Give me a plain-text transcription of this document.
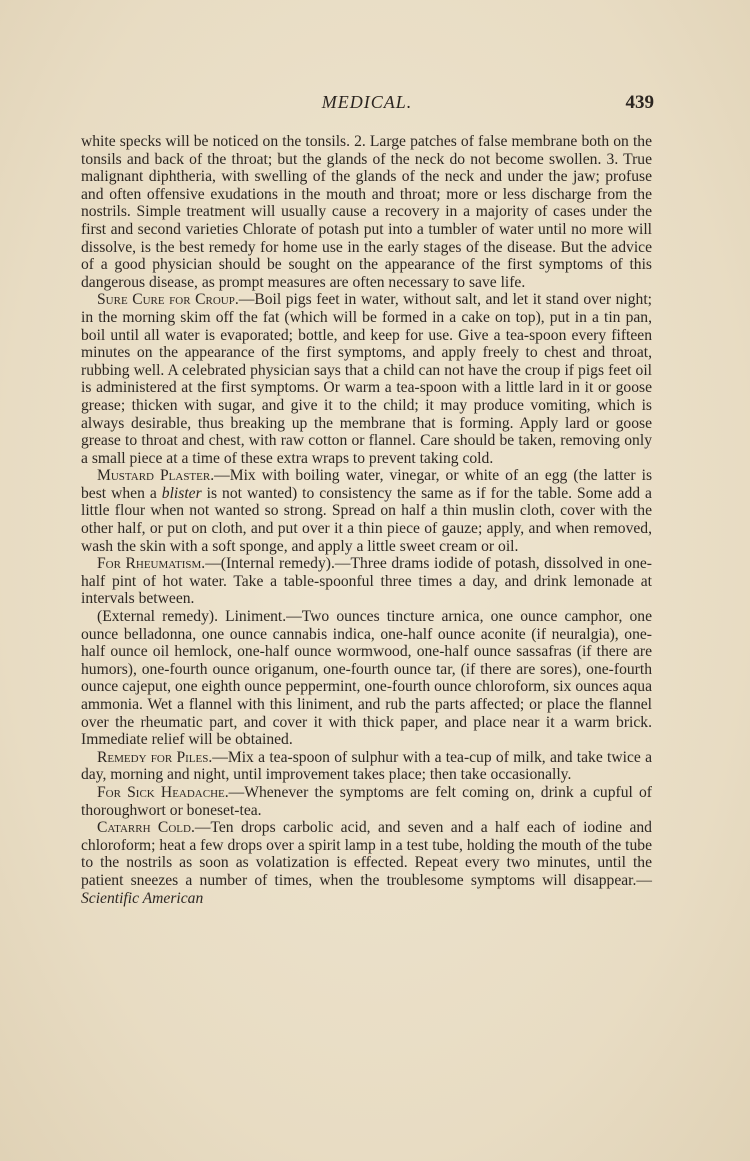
MEDICAL.	439

white specks will be noticed on the tonsils. 2. Large patches of false membrane both on the tonsils and back of the throat; but the glands of the neck do not become swollen. 3. True malignant diphtheria, with swelling of the glands of the neck and under the jaw; profuse and often offensive exudations in the mouth and throat; more or less discharge from the nostrils. Simple treatment will usually cause a recovery in a majority of cases under the first and second varieties Chlorate of potash put into a tumbler of water until no more will dissolve, is the best remedy for home use in the early stages of the disease. But the advice of a good physician should be sought on the appearance of the first symptoms of this dangerous disease, as prompt measures are often necessary to save life.

Sure Cure for Croup.—Boil pigs feet in water, without salt, and let it stand over night; in the morning skim off the fat (which will be formed in a cake on top), put in a tin pan, boil until all water is evaporated; bottle, and keep for use. Give a tea-spoon every fifteen minutes on the appearance of the first symptoms, and apply freely to chest and throat, rubbing well. A celebrated physician says that a child can not have the croup if pigs feet oil is administered at the first symptoms. Or warm a tea-spoon with a little lard in it or goose grease; thicken with sugar, and give it to the child; it may produce vomiting, which is always desirable, thus breaking up the membrane that is forming. Apply lard or goose grease to throat and chest, with raw cotton or flannel. Care should be taken, removing only a small piece at a time of these extra wraps to prevent taking cold.

Mustard Plaster.—Mix with boiling water, vinegar, or white of an egg (the latter is best when a blister is not wanted) to consistency the same as if for the table. Some add a little flour when not wanted so strong. Spread on half a thin muslin cloth, cover with the other half, or put on cloth, and put over it a thin piece of gauze; apply, and when removed, wash the skin with a soft sponge, and apply a little sweet cream or oil.

For Rheumatism.—(Internal remedy).—Three drams iodide of potash, dissolved in one-half pint of hot water. Take a table-spoonful three times a day, and drink lemonade at intervals between.

(External remedy). Liniment.—Two ounces tincture arnica, one ounce camphor, one ounce belladonna, one ounce cannabis indica, one-half ounce aconite (if neuralgia), one-half ounce oil hemlock, one-half ounce wormwood, one-half ounce sassafras (if there are humors), one-fourth ounce origanum, one-fourth ounce tar, (if there are sores), one-fourth ounce cajeput, one eighth ounce peppermint, one-fourth ounce chloroform, six ounces aqua ammonia. Wet a flannel with this liniment, and rub the parts affected; or place the flannel over the rheumatic part, and cover it with thick paper, and place near it a warm brick. Immediate relief will be obtained.

Remedy for Piles.—Mix a tea-spoon of sulphur with a tea-cup of milk, and take twice a day, morning and night, until improvement takes place; then take occasionally.

For Sick Headache.—Whenever the symptoms are felt coming on, drink a cupful of thoroughwort or boneset-tea.

Catarrh Cold.—Ten drops carbolic acid, and seven and a half each of iodine and chloroform; heat a few drops over a spirit lamp in a test tube, holding the mouth of the tube to the nostrils as soon as volatization is effected. Repeat every two minutes, until the patient sneezes a number of times, when the troublesome symptoms will disappear.—Scientific American
